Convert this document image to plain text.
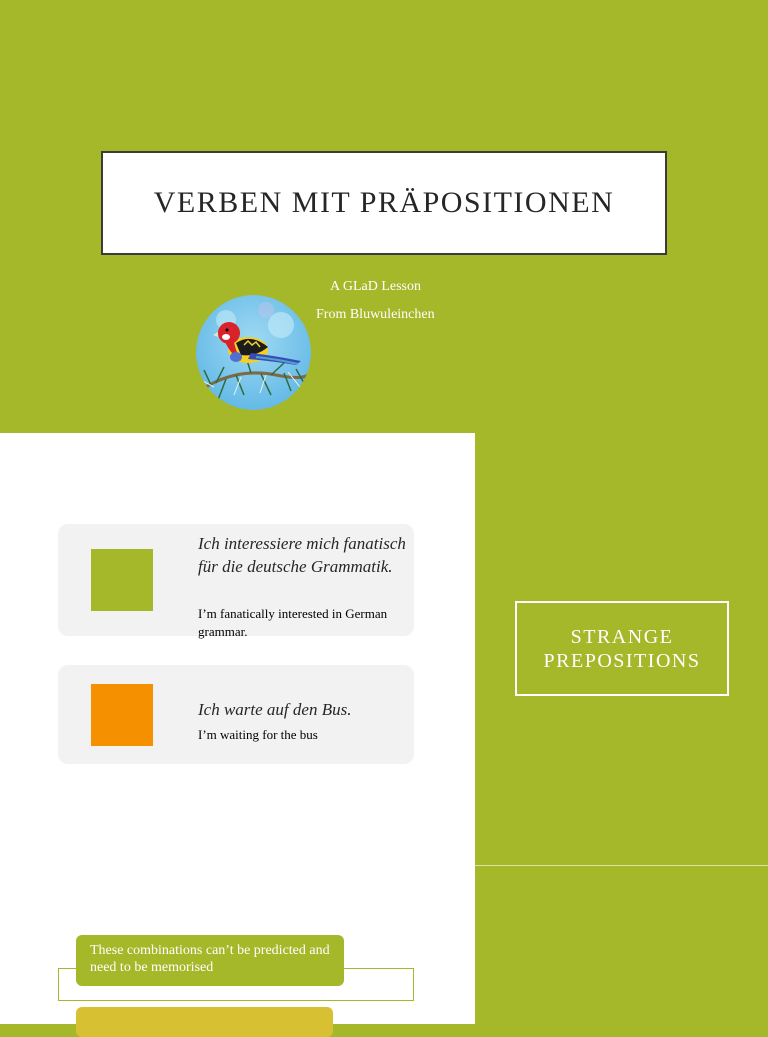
VERBEN MIT PRÄPOSITIONEN
A GLaD Lesson
From Bluwuleinchen
Ich interessiere mich fanatisch für die deutsche Grammatik.
I’m fanatically interested in German grammar.
Ich warte auf den Bus.
I’m waiting for the bus
These combinations can’t be predicted and need to be memorised
STRANGE PREPOSITIONS
